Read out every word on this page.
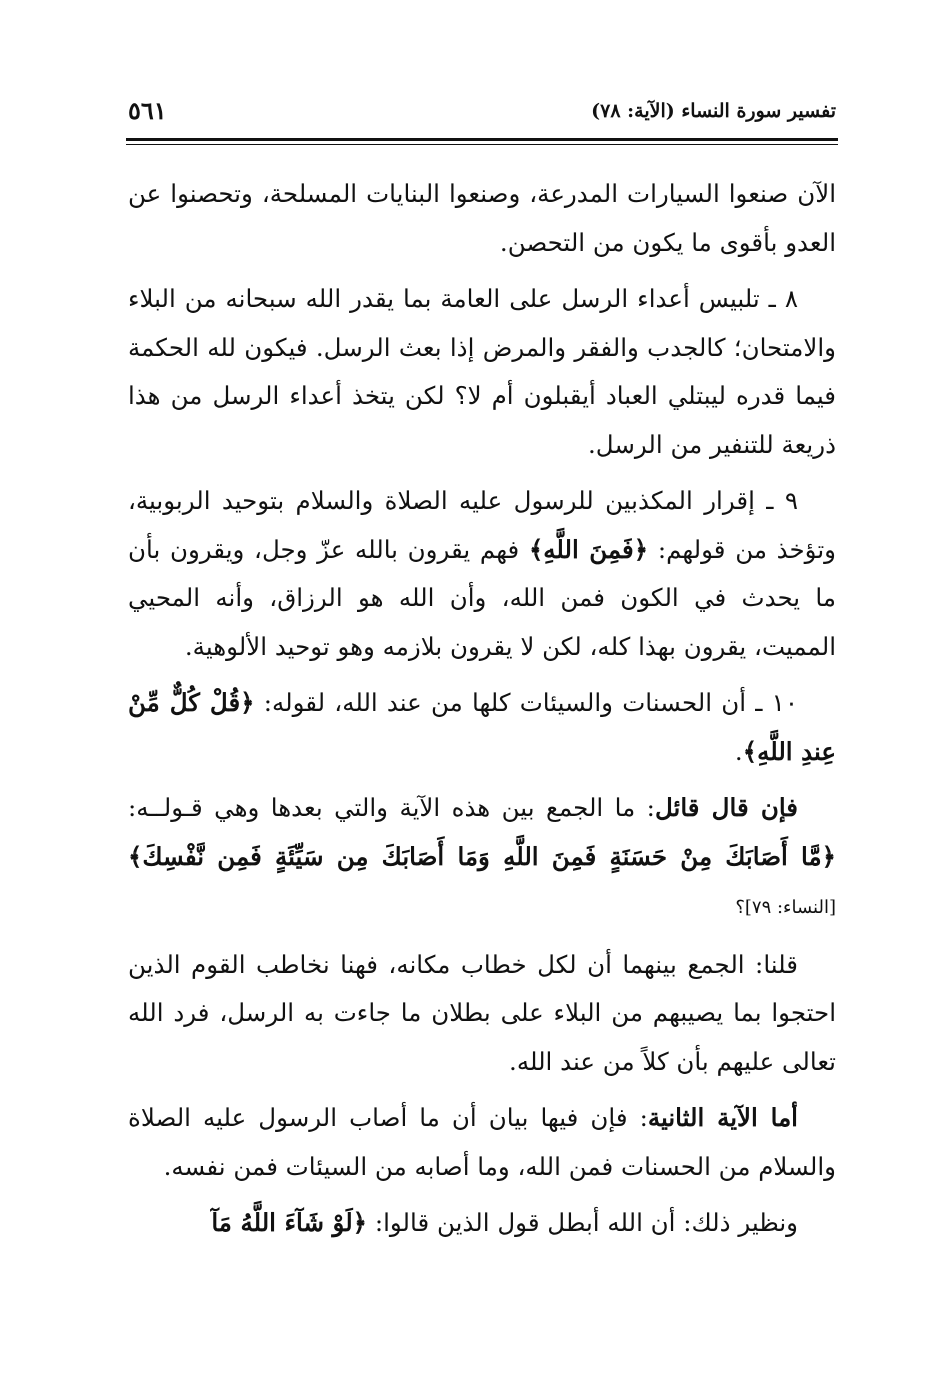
تفسير سورة النساء (الآية: ٧٨)
٥٦١

الآن صنعوا السيارات المدرعة، وصنعوا البنايات المسلحة، وتحصنوا عن العدو بأقوى ما يكون من التحصن.

٨ ـ تلبيس أعداء الرسل على العامة بما يقدر الله سبحانه من البلاء والامتحان؛ كالجدب والفقر والمرض إذا بعث الرسل. فيكون لله الحكمة فيما قدره ليبتلي العباد أيقبلون أم لا؟ لكن يتخذ أعداء الرسل من هذا ذريعة للتنفير من الرسل.

٩ ـ إقرار المكذبين للرسول عليه الصلاة والسلام بتوحيد الربوبية، وتؤخذ من قولهم: ﴿فَمِنَ اللَّهِ﴾ فهم يقرون بالله عزّ وجل، ويقرون بأن ما يحدث في الكون فمن الله، وأن الله هو الرزاق، وأنه المحيي المميت، يقرون بهذا كله، لكن لا يقرون بلازمه وهو توحيد الألوهية.

١٠ ـ أن الحسنات والسيئات كلها من عند الله، لقوله: ﴿قُلْ كُلٌّ مِّنْ عِندِ اللَّهِ﴾.

فإن قال قائل: ما الجمع بين هذه الآية والتي بعدها وهي قـولــه: ﴿مَّا أَصَابَكَ مِنْ حَسَنَةٍ فَمِنَ اللَّهِ وَمَا أَصَابَكَ مِن سَيِّئَةٍ فَمِن نَّفْسِكَ﴾ [النساء: ٧٩]؟

قلنا: الجمع بينهما أن لكل خطاب مكانه، فهنا نخاطب القوم الذين احتجوا بما يصيبهم من البلاء على بطلان ما جاءت به الرسل، فرد الله تعالى عليهم بأن كلاً من عند الله.

أما الآية الثانية: فإن فيها بيان أن ما أصاب الرسول عليه الصلاة والسلام من الحسنات فمن الله، وما أصابه من السيئات فمن نفسه.

ونظير ذلك: أن الله أبطل قول الذين قالوا: ﴿لَوْ شَآءَ اللَّهُ مَآ
